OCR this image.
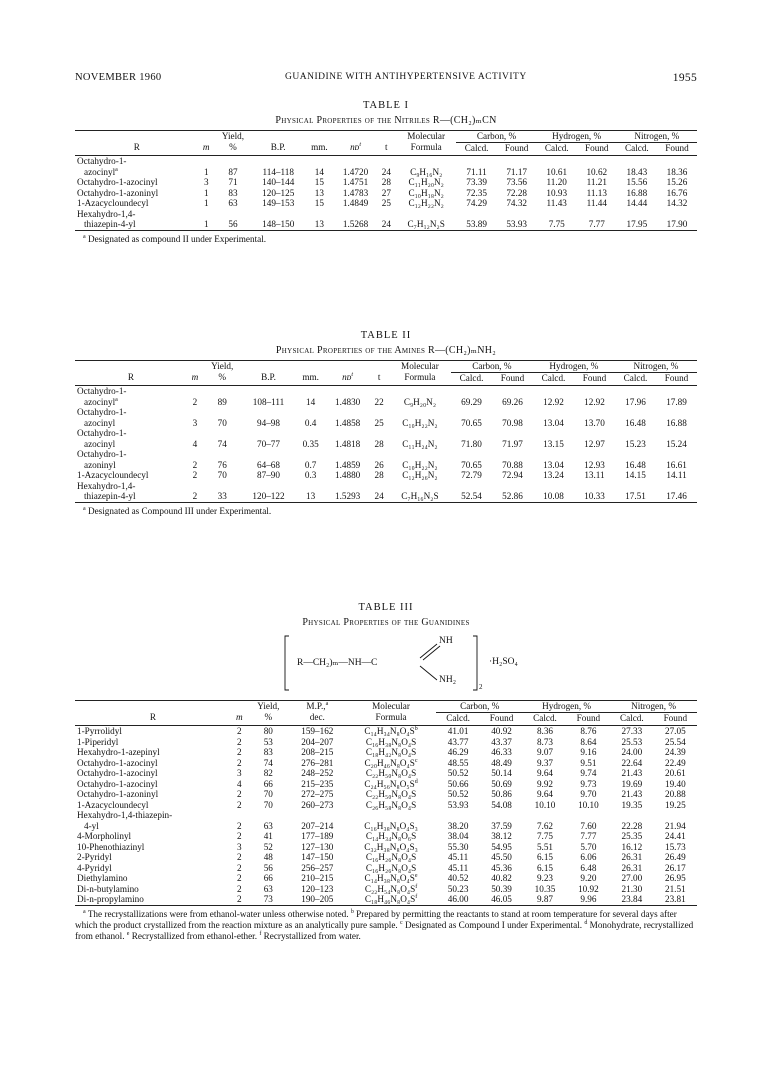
NOVEMBER 1960	GUANIDINE WITH ANTIHYPERTENSIVE ACTIVITY	1955
TABLE I
Physical Properties of the Nitriles R—(CH₂)ₘCN
		Yield,					Molecular	Carbon, %		Hydrogen, %		Nitrogen, %	
R	m	%	B.P.	mm.	nᴅ$^t$	t	Formula	Calcd.	Found	Calcd.	Found	Calcd.	Found
Octahydro-1-													
azocinyl$^a$	1	87	114–118	14	1.4720	24	C₉H₁₆N₂	71.11	71.17	10.61	10.62	18.43	18.36
Octahydro-1-azocinyl	3	71	140–144	15	1.4751	28	C₁₁H₂₀N₂	73.39	73.56	11.20	11.21	15.56	15.26
Octahydro-1-azoninyl	1	83	120–125	13	1.4783	27	C₁₀H₁₈N₂	72.35	72.28	10.93	11.13	16.88	16.76
1-Azacycloundecyl	1	63	149–153	15	1.4849	25	C₁₂H₂₂N₂	74.29	74.32	11.43	11.44	14.44	14.32
Hexahydro-1,4-													
thiazepin-4-yl	1	56	148–150	13	1.5268	24	C₇H₁₂N₂S	53.89	53.93	7.75	7.77	17.95	17.90
$^a$ Designated as compound II under Experimental.
TABLE II
Physical Properties of the Amines R—(CH₂)ₘNH₂
		Yield,					Molecular	Carbon, %		Hydrogen, %		Nitrogen, %	
R	m	%	B.P.	mm.	nᴅ$^t$	t	Formula	Calcd.	Found	Calcd.	Found	Calcd.	Found
Octahydro-1-													
azocinyl$^a$	2	89	108–111	14	1.4830	22	C₉H₂₀N₂	69.29	69.26	12.92	12.92	17.96	17.89
Octahydro-1-													
azocinyl	3	70	94–98	0.4	1.4858	25	C₁₀H₂₂N₂	70.65	70.98	13.04	13.70	16.48	16.88
Octahydro-1-													
azocinyl	4	74	70–77	0.35	1.4818	28	C₁₁H₂₄N₂	71.80	71.97	13.15	12.97	15.23	15.24
Octahydro-1-													
azoninyl	2	76	64–68	0.7	1.4859	26	C₁₀H₂₂N₂	70.65	70.88	13.04	12.93	16.48	16.61
1-Azacycloundecyl	2	70	87–90	0.3	1.4880	28	C₁₂H₂₆N₂	72.79	72.94	13.24	13.11	14.15	14.11
Hexahydro-1,4-													
thiazepin-4-yl	2	33	120–122	13	1.5293	24	C₇H₁₆N₂S	52.54	52.86	10.08	10.33	17.51	17.46
$^a$ Designated as Compound III under Experimental.
TABLE III
Physical Properties of the Guanidines
NH
R—CH₂)ₘ—NH—C
NH₂
2
·H₂SO₄
		Yield,	M.P.,$^a$	Molecular	Carbon, %		Hydrogen, %		Nitrogen, %	
R	m	%	dec.	Formula	Calcd.	Found	Calcd.	Found	Calcd.	Found
1-Pyrrolidyl	2	80	159–162	$C_{14}H_{34}N_8O_4S^b$	41.01	40.92	8.36	8.76	27.33	27.05
1-Piperidyl	2	53	204–207	C₁₆H₃₈N₈O₄S	43.77	43.37	8.73	8.64	25.53	25.54
Hexahydro-1-azepinyl	2	83	208–215	C₁₈H₄₂N₈O₄S	46.29	46.33	9.07	9.16	24.00	24.39
Octahydro-1-azocinyl	2	74	276–281	$C_{20}H_{46}N_8O_4S^c$	48.55	48.49	9.37	9.51	22.64	22.49
Octahydro-1-azocinyl	3	82	248–252	C₂₂H₅₀N₈O₄S	50.52	50.14	9.64	9.74	21.43	20.61
Octahydro-1-azocinyl	4	66	215–235	$C_{24}H_{56}N_8O_5S^d$	50.66	50.69	9.92	9.73	19.69	19.40
Octahydro-1-azoninyl	2	70	272–275	C₂₂H₅₀N₈O₄S	50.52	50.86	9.64	9.70	21.43	20.88
1-Azacycloundecyl	2	70	260–273	C₂₆H₅₈N₈O₄S	53.93	54.08	10.10	10.10	19.35	19.25
Hexahydro-1,4-thiazepin-										
4-yl	2	63	207–214	C₁₆H₃₈N₈O₄S₃	38.20	37.59	7.62	7.60	22.28	21.94
4-Morpholinyl	2	41	177–189	C₁₄H₃₄N₈O₆S	38.04	38.12	7.75	7.77	25.35	24.41
10-Phenothiazinyl	3	52	127–130	C₃₂H₃₈N₈O₄S₃	55.30	54.95	5.51	5.70	16.12	15.73
2-Pyridyl	2	48	147–150	C₁₆H₂₆N₈O₄S	45.11	45.50	6.15	6.06	26.31	26.49
4-Pyridyl	2	56	256–257	C₁₆H₂₆N₈O₄S	45.11	45.36	6.15	6.48	26.31	26.17
Diethylamino	2	66	210–215	$C_{14}H_{38}N_8O_4S^e$	40.52	40.82	9.23	9.20	27.00	26.95
Di-n-butylamino	2	63	120–123	$C_{22}H_{54}N_8O_4S^f$	50.23	50.39	10.35	10.92	21.30	21.51
Di-n-propylamino	2	73	190–205	$C_{18}H_{46}N_8O_4S^f$	46.00	46.05	9.87	9.96	23.84	23.81
$^a$ The recrystallizations were from ethanol-water unless otherwise noted. $^b$ Prepared by permitting the reactants to stand at room temperature for several days after which the product crystallized from the reaction mixture as an analytically pure sample. $^c$ Designated as Compound I under Experimental. $^d$ Monohydrate, recrystallized from ethanol. $^e$ Recrystallized from ethanol-ether. $^f$ Recrystallized from water.
